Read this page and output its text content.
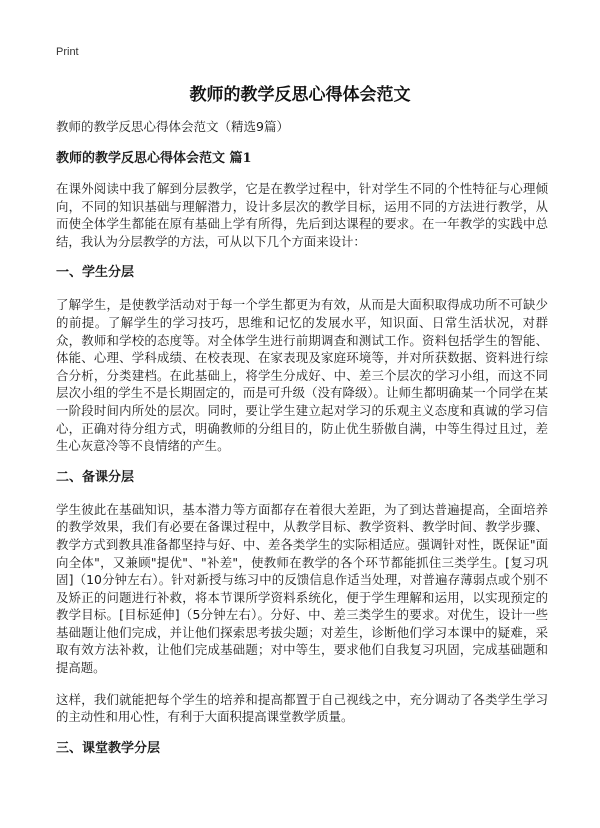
Print
教师的教学反思心得体会范文

教师的教学反思心得体会范文（精选9篇）

教师的教学反思心得体会范文 篇1

在课外阅读中我了解到分层教学，它是在教学过程中，针对学生不同的个性特征与心理倾向，不同的知识基础与理解潜力，设计多层次的教学目标，运用不同的方法进行教学，从而使全体学生都能在原有基础上学有所得，先后到达课程的要求。在一年教学的实践中总结，我认为分层教学的方法，可从以下几个方面来设计：

一、学生分层

了解学生，是使教学活动对于每一个学生都更为有效，从而是大面积取得成功所不可缺少的前提。了解学生的学习技巧，思维和记忆的发展水平，知识面、日常生活状况，对群众，教师和学校的态度等。对全体学生进行前期调查和测试工作。资料包括学生的智能、体能、心理、学科成绩、在校表现、在家表现及家庭环境等，并对所获数据、资料进行综合分析，分类建档。在此基础上，将学生分成好、中、差三个层次的学习小组，而这不同层次小组的学生不是长期固定的，而是可升级（没有降级）。让师生都明确某一个同学在某一阶段时间内所处的层次。同时，要让学生建立起对学习的乐观主义态度和真诚的学习信心，正确对待分组方式，明确教师的分组目的，防止优生骄傲自满，中等生得过且过，差生心灰意冷等不良情绪的产生。

二、备课分层

学生彼此在基础知识，基本潜力等方面都存在着很大差距，为了到达普遍提高，全面培养的教学效果，我们有必要在备课过程中，从教学目标、教学资料、教学时间、教学步骤、教学方式到教具准备都坚持与好、中、差各类学生的实际相适应。强调针对性，既保证"面向全体"，又兼顾"提优"、"补差"，使教师在教学的各个环节都能抓住三类学生。[复习巩固]（10分钟左右）。针对新授与练习中的反馈信息作适当处理，对普遍存薄弱点或个别不及矫正的问题进行补救，将本节课所学资料系统化，便于学生理解和运用，以实现预定的教学目标。[目标延伸]（5分钟左右）。分好、中、差三类学生的要求。对优生，设计一些基础题让他们完成，并让他们探索思考拔尖题；对差生，诊断他们学习本课中的疑难，采取有效方法补救，让他们完成基础题；对中等生，要求他们自我复习巩固，完成基础题和提高题。

这样，我们就能把每个学生的培养和提高都置于自己视线之中，充分调动了各类学生学习的主动性和用心性，有利于大面积提高课堂教学质量。

三、课堂教学分层
